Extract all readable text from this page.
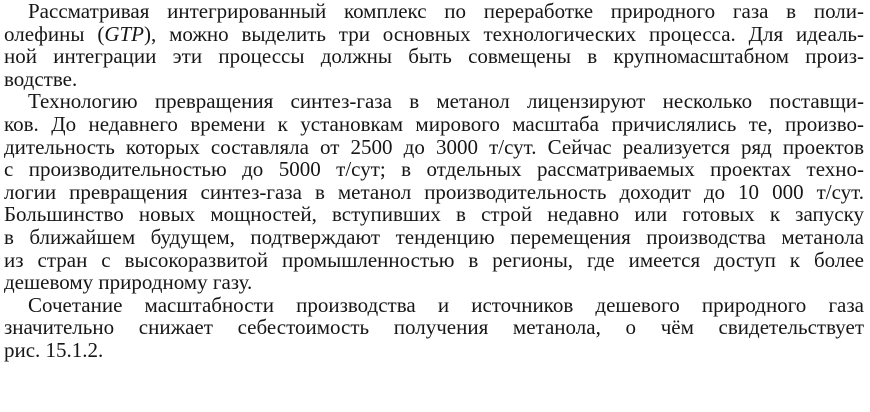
Рассматривая интегрированный комплекс по переработке природного газа в поли-
олефины (GTP), можно выделить три основных технологических процесса. Для идеаль-
ной интеграции эти процессы должны быть совмещены в крупномасштабном произ-
водстве.
Технологию превращения синтез-газа в метанол лицензируют несколько поставщи-
ков. До недавнего времени к установкам мирового масштаба причислялись те, произво-
дительность которых составляла от 2500 до 3000 т/сут. Сейчас реализуется ряд проектов
с производительностью до 5000 т/сут; в отдельных рассматриваемых проектах техно-
логии превращения синтез-газа в метанол производительность доходит до 10 000 т/сут.
Большинство новых мощностей, вступивших в строй недавно или готовых к запуску
в ближайшем будущем, подтверждают тенденцию перемещения производства метанола
из стран с высокоразвитой промышленностью в регионы, где имеется доступ к более
дешевому природному газу.
Сочетание масштабности производства и источников дешевого природного газа
значительно снижает себестоимость получения метанола, о чём свидетельствует
рис. 15.1.2.
